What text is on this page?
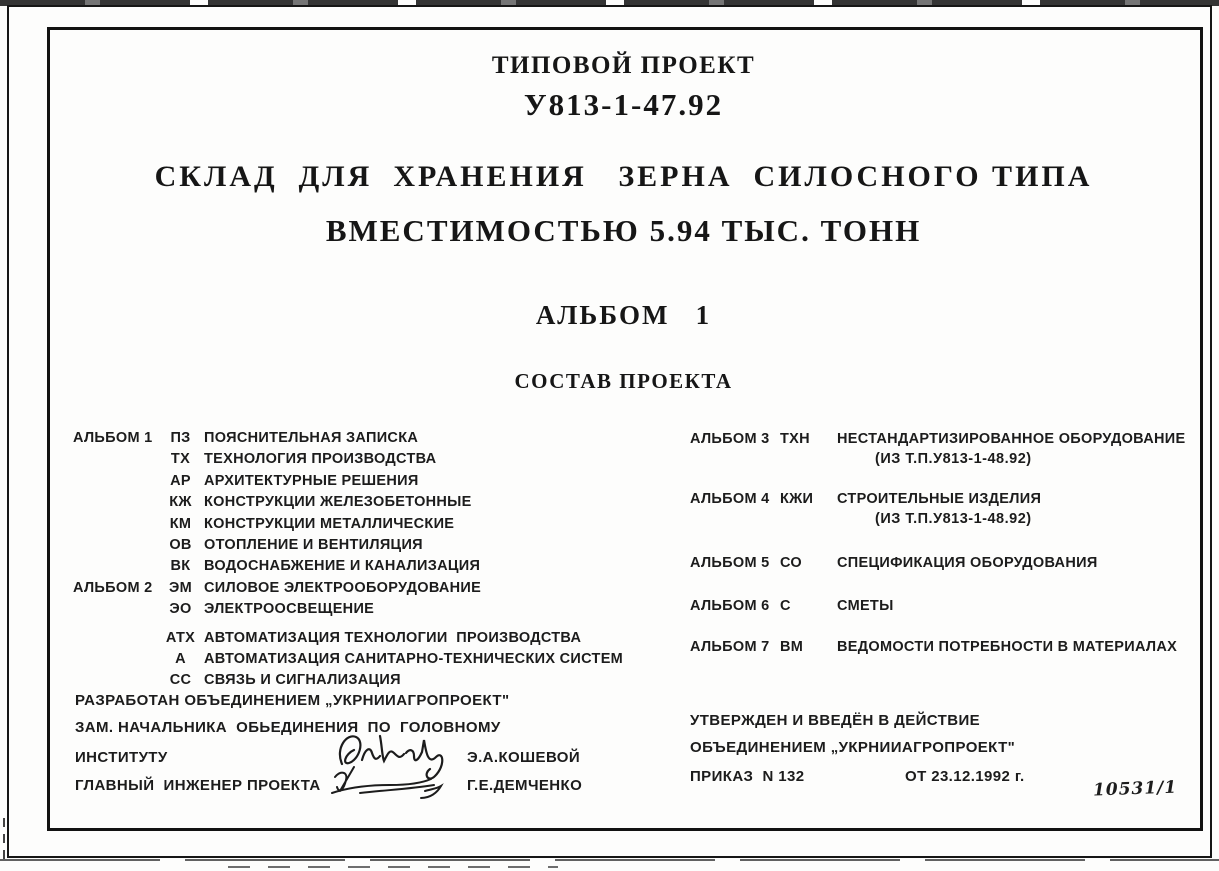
ТИПОВОЙ ПРОЕКТ
У813-1-47.92
СКЛАД  ДЛЯ  ХРАНЕНИЯ   ЗЕРНА  СИЛОСНОГО ТИПА
ВМЕСТИМОСТЬЮ 5.94 ТЫС. ТОНН
АЛЬБОМ   1
СОСТАВ ПРОЕКТА
АЛЬБОМ 1	ПЗ ПОЯСНИТЕЛЬНАЯ ЗАПИСКА
ТХ ТЕХНОЛОГИЯ ПРОИЗВОДСТВА
АР АРХИТЕКТУРНЫЕ РЕШЕНИЯ
КЖ КОНСТРУКЦИИ ЖЕЛЕЗОБЕТОННЫЕ
КМ КОНСТРУКЦИИ МЕТАЛЛИЧЕСКИЕ
ОВ ОТОПЛЕНИЕ И ВЕНТИЛЯЦИЯ
ВК ВОДОСНАБЖЕНИЕ И КАНАЛИЗАЦИЯ
АЛЬБОМ 2	ЭМ СИЛОВОЕ ЭЛЕКТРООБОРУДОВАНИЕ
ЭО ЭЛЕКТРООСВЕЩЕНИЕ
АТХ АВТОМАТИЗАЦИЯ ТЕХНОЛОГИИ  ПРОИЗВОДСТВА
А	АВТОМАТИЗАЦИЯ САНИТАРНО-ТЕХНИЧЕСКИХ СИСТЕМ
СС СВЯЗЬ И СИГНАЛИЗАЦИЯ
АЛЬБОМ 3 ТХН	НЕСТАНДАРТИЗИРОВАННОЕ ОБОРУДОВАНИЕ
(ИЗ Т.П.У813-1-48.92)
АЛЬБОМ 4 КЖИ	СТРОИТЕЛЬНЫЕ ИЗДЕЛИЯ
(ИЗ Т.П.У813-1-48.92)
АЛЬБОМ 5 СО	СПЕЦИФИКАЦИЯ ОБОРУДОВАНИЯ
АЛЬБОМ 6 С	СМЕТЫ
АЛЬБОМ 7 ВМ	ВЕДОМОСТИ ПОТРЕБНОСТИ В МАТЕРИАЛАХ
РАЗРАБОТАН ОБЪЕДИНЕНИЕМ „УКРНИИАГРОПРОЕКТ"
ЗАМ. НАЧАЛЬНИКА  ОБЬЕДИНЕНИЯ  ПО  ГОЛОВНОМУ
ИНСТИТУТУ	Э.А.КОШЕВОЙ
ГЛАВНЫЙ  ИНЖЕНЕР ПРОЕКТА	Г.Е.ДЕМЧЕНКО
УТВЕРЖДЕН И ВВЕДЁН В ДЕЙСТВИЕ
ОБЪЕДИНЕНИЕМ „УКРНИИАГРОПРОЕКТ"
ПРИКАЗ  N 132	ОТ 23.12.1992 г.
10531/1
